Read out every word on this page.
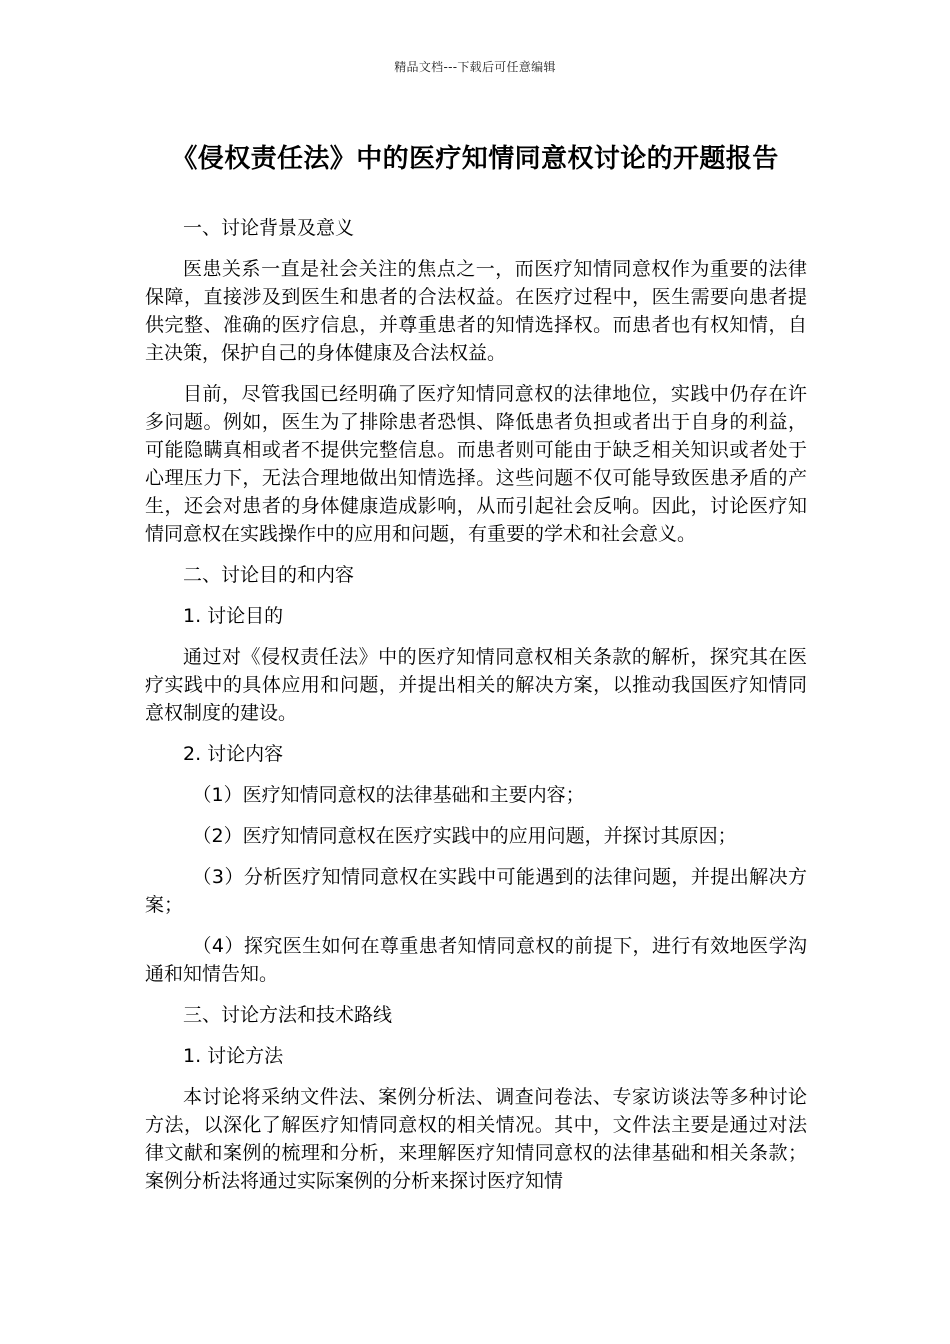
精品文档---下载后可任意编辑
《侵权责任法》中的医疗知情同意权讨论的开题报告

一、讨论背景及意义

医患关系一直是社会关注的焦点之一，而医疗知情同意权作为重要的法律保障，直接涉及到医生和患者的合法权益。在医疗过程中，医生需要向患者提供完整、准确的医疗信息，并尊重患者的知情选择权。而患者也有权知情，自主决策，保护自己的身体健康及合法权益。

目前，尽管我国已经明确了医疗知情同意权的法律地位，实践中仍存在许多问题。例如，医生为了排除患者恐惧、降低患者负担或者出于自身的利益，可能隐瞒真相或者不提供完整信息。而患者则可能由于缺乏相关知识或者处于心理压力下，无法合理地做出知情选择。这些问题不仅可能导致医患矛盾的产生，还会对患者的身体健康造成影响，从而引起社会反响。因此，讨论医疗知情同意权在实践操作中的应用和问题，有重要的学术和社会意义。

二、讨论目的和内容

1. 讨论目的

通过对《侵权责任法》中的医疗知情同意权相关条款的解析，探究其在医疗实践中的具体应用和问题，并提出相关的解决方案，以推动我国医疗知情同意权制度的建设。

2. 讨论内容

（1）医疗知情同意权的法律基础和主要内容；

（2）医疗知情同意权在医疗实践中的应用问题，并探讨其原因；

（3）分析医疗知情同意权在实践中可能遇到的法律问题，并提出解决方案；

（4）探究医生如何在尊重患者知情同意权的前提下，进行有效地医学沟通和知情告知。

三、讨论方法和技术路线

1. 讨论方法

本讨论将采纳文件法、案例分析法、调查问卷法、专家访谈法等多种讨论方法，以深化了解医疗知情同意权的相关情况。其中，文件法主要是通过对法律文献和案例的梳理和分析，来理解医疗知情同意权的法律基础和相关条款；案例分析法将通过实际案例的分析来探讨医疗知情
